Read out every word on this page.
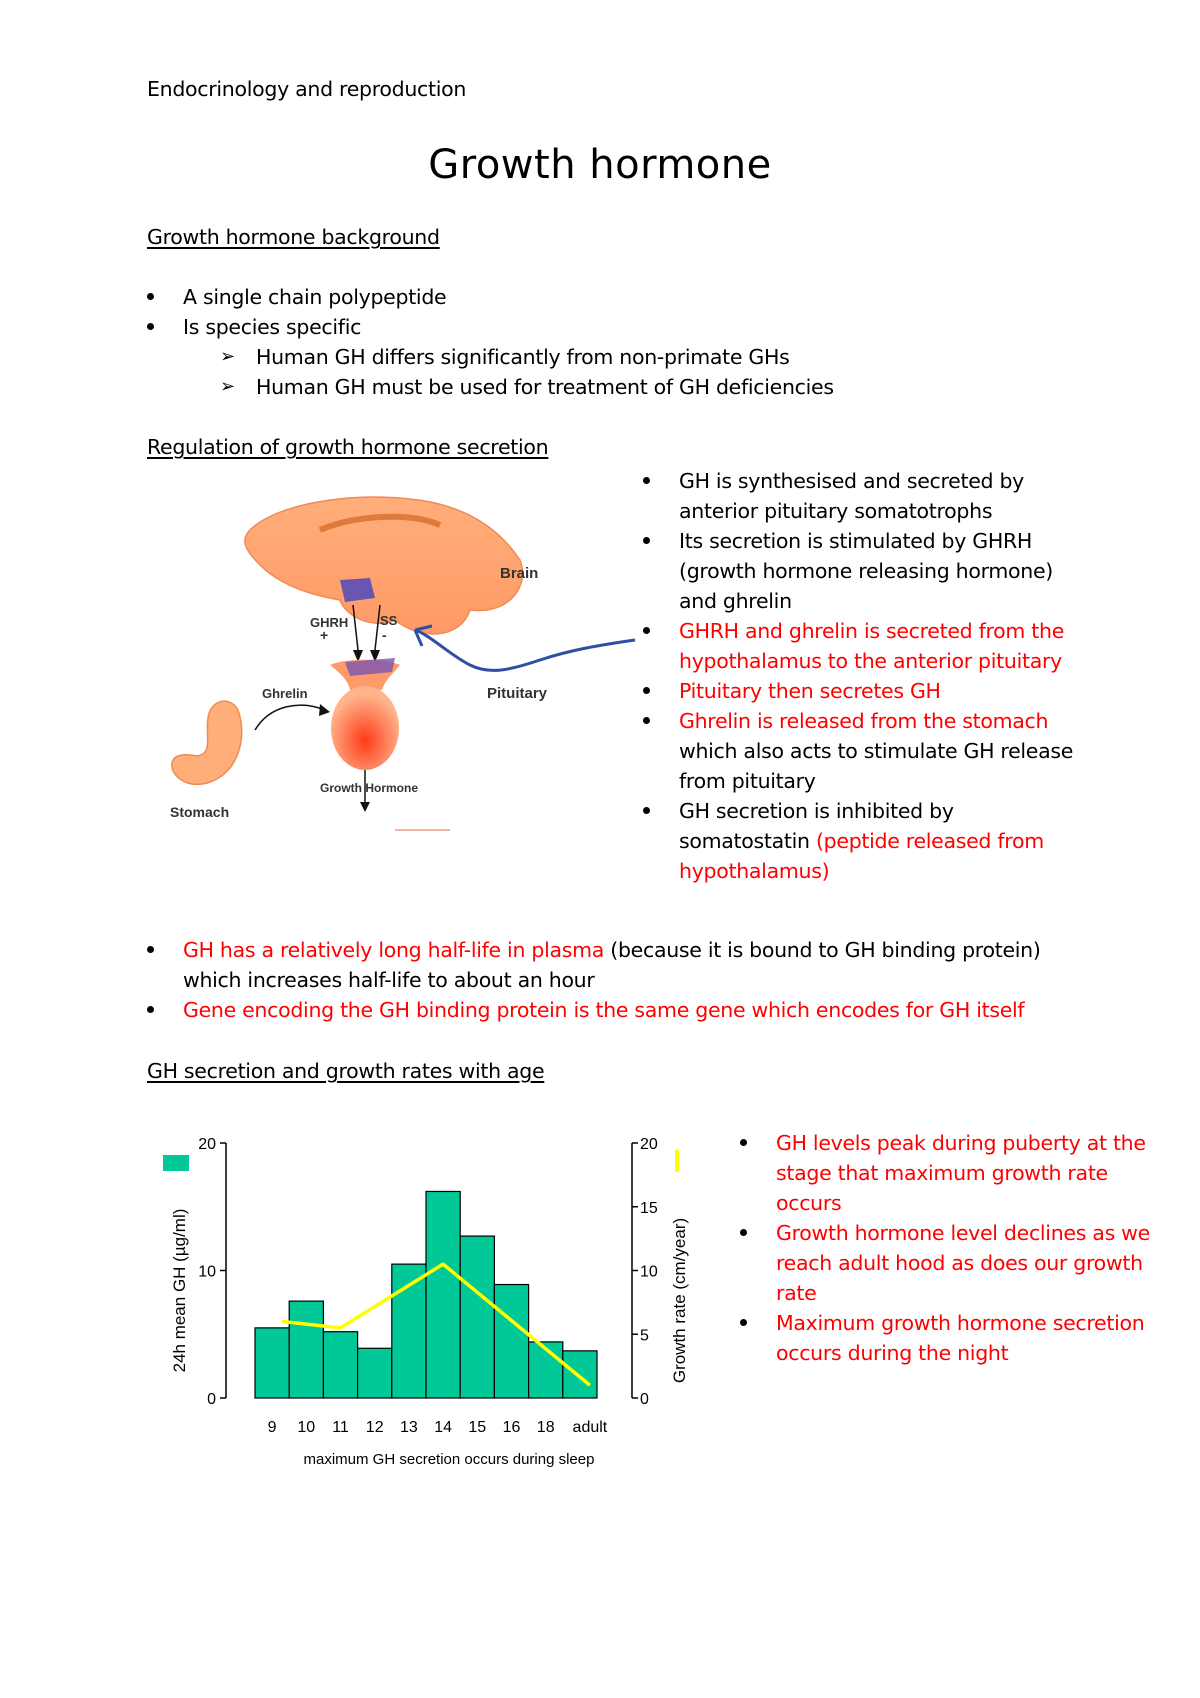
Endocrinology and reproduction
Growth hormone
Growth hormone background
A single chain polypeptide
Is species specific
➢ Human GH differs significantly from non-primate GHs
➢ Human GH must be used for treatment of GH deficiencies
Regulation of growth hormone secretion
GHRH
+
SS
-
Growth Hormone
Stomach
Ghrelin
Brain
Pituitary
GH is synthesised and secreted by
anterior pituitary somatotrophs
Its secretion is stimulated by GHRH
(growth hormone releasing hormone)
and ghrelin
GHRH and ghrelin is secreted from the
hypothalamus to the anterior pituitary
Pituitary then secretes GH
Ghrelin is released from the stomach
which also acts to stimulate GH release
from pituitary
GH secretion is inhibited by
somatostatin (peptide released from
hypothalamus)
GH has a relatively long half-life in plasma (because it is bound to GH binding protein)
which increases half-life to about an hour
Gene encoding the GH binding protein is the same gene which encodes for GH itself
GH secretion and growth rates with age
0
10
20
0
5
10
15
20
9 10 11 12 13 14 15 16 18 adult
maximum GH secretion occurs during sleep
24h mean GH (µg/ml)	Growth rate (cm/year)
GH levels peak during puberty at the
stage that maximum growth rate
occurs
Growth hormone level declines as we
reach adult hood as does our growth
rate
Maximum growth hormone secretion
occurs during the night
